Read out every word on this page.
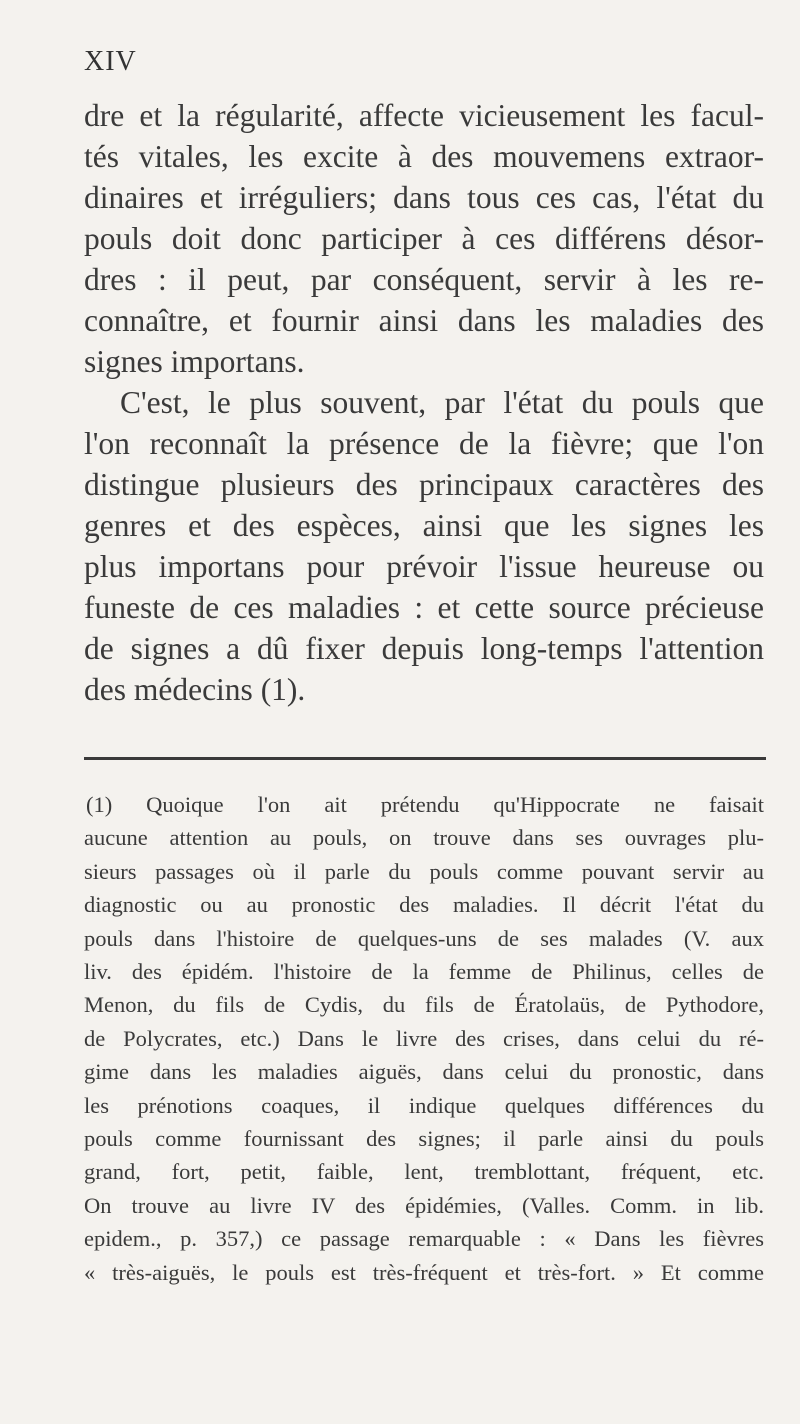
XIV
dre et la régularité, affecte vicieusement les facul-
tés vitales, les excite à des mouvemens extraor-
dinaires et irréguliers; dans tous ces cas, l'état du
pouls doit donc participer à ces différens désor-
dres : il peut, par conséquent, servir à les re-
connaître, et fournir ainsi dans les maladies des
signes importans.
C'est, le plus souvent, par l'état du pouls que
l'on reconnaît la présence de la fièvre; que l'on
distingue plusieurs des principaux caractères des
genres et des espèces, ainsi que les signes les
plus importans pour prévoir l'issue heureuse ou
funeste de ces maladies : et cette source précieuse
de signes a dû fixer depuis long-temps l'attention
des médecins (1).
(1) Quoique l'on ait prétendu qu'Hippocrate ne faisait
aucune attention au pouls, on trouve dans ses ouvrages plu-
sieurs passages où il parle du pouls comme pouvant servir au
diagnostic ou au pronostic des maladies. Il décrit l'état du
pouls dans l'histoire de quelques-uns de ses malades (V. aux
liv. des épidém. l'histoire de la femme de Philinus, celles de
Menon, du fils de Cydis, du fils de Ératolaüs, de Pythodore,
de Polycrates, etc.) Dans le livre des crises, dans celui du ré-
gime dans les maladies aiguës, dans celui du pronostic, dans
les prénotions coaques, il indique quelques différences du
pouls comme fournissant des signes; il parle ainsi du pouls
grand, fort, petit, faible, lent, tremblottant, fréquent, etc.
On trouve au livre IV des épidémies, (Valles. Comm. in lib.
epidem., p. 357,) ce passage remarquable : « Dans les fièvres
« très-aiguës, le pouls est très-fréquent et très-fort. » Et comme
